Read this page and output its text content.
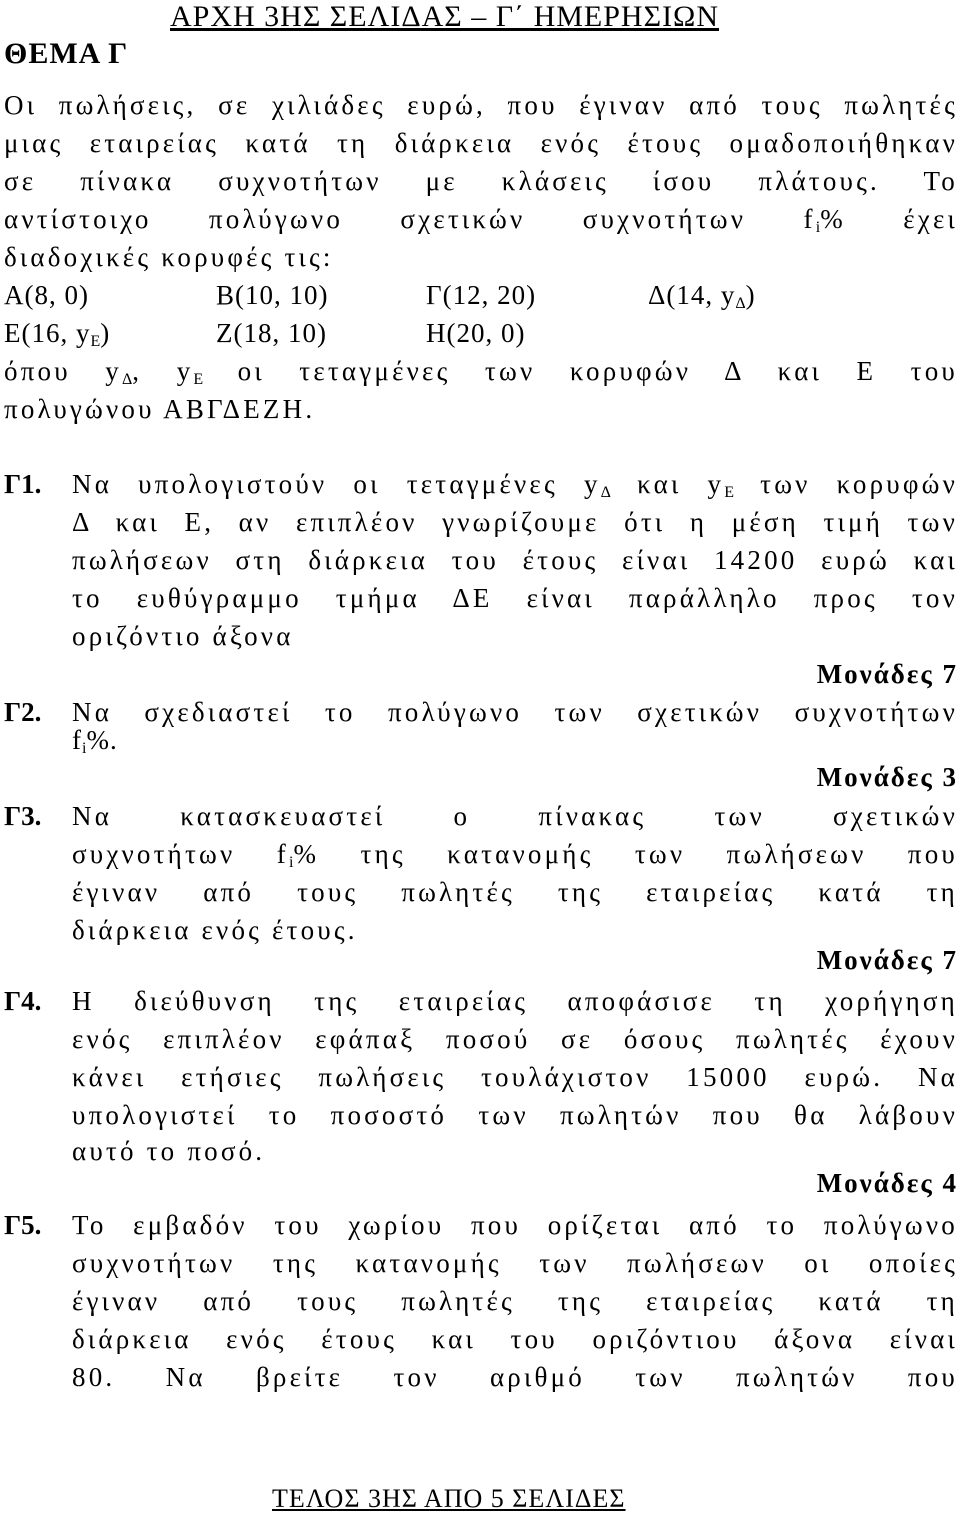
ΑΡΧΗ 3ΗΣ ΣΕΛΙΔΑΣ – Γ΄ ΗΜΕΡΗΣΙΩΝ
ΘΕΜΑ Γ
Οι πωλήσεις, σε χιλιάδες ευρώ, που έγιναν από τους πωλητές
μιας εταιρείας κατά τη διάρκεια ενός έτους ομαδοποιήθηκαν
σε πίνακα συχνοτήτων με κλάσεις ίσου πλάτους. Το
αντίστοιχο πολύγωνο σχετικών συχνοτήτων $f_i\%$ έχει
διαδοχικές κορυφές τις:
Α(8, 0)	Β(10, 10)	Γ(12, 20)	Δ(14, $y_\Delta$)
Ε(16, $y_E$)	Ζ(18, 10)	Η(20, 0)
όπου $y_\Delta$, $y_E$ οι τεταγμένες των κορυφών Δ και Ε του
πολυγώνου ΑΒΓΔΕΖΗ.
Γ1. Να υπολογιστούν οι τεταγμένες $y_\Delta$ και $y_E$ των κορυφών
Δ και Ε, αν επιπλέον γνωρίζουμε ότι η μέση τιμή των
πωλήσεων στη διάρκεια του έτους είναι 14200 ευρώ και
το ευθύγραμμο τμήμα ΔΕ είναι παράλληλο προς τον
οριζόντιο άξονα
Μονάδες 7
Γ2. Να σχεδιαστεί το πολύγωνο των σχετικών συχνοτήτων
$f_i\%$.
Μονάδες 3
Γ3. Να κατασκευαστεί ο πίνακας των σχετικών
συχνοτήτων $f_i\%$ της κατανομής των πωλήσεων που
έγιναν από τους πωλητές της εταιρείας κατά τη
διάρκεια ενός έτους.
Μονάδες 7
Γ4. Η διεύθυνση της εταιρείας αποφάσισε τη χορήγηση
ενός επιπλέον εφάπαξ ποσού σε όσους πωλητές έχουν
κάνει ετήσιες πωλήσεις τουλάχιστον 15000 ευρώ. Να
υπολογιστεί το ποσοστό των πωλητών που θα λάβουν
αυτό το ποσό.
Μονάδες 4
Γ5. Το εμβαδόν του χωρίου που ορίζεται από το πολύγωνο
συχνοτήτων της κατανομής των πωλήσεων οι οποίες
έγιναν από τους πωλητές της εταιρείας κατά τη
διάρκεια ενός έτους και του οριζόντιου άξονα είναι
80. Να βρείτε τον αριθμό των πωλητών που
ΤΕΛΟΣ 3ΗΣ ΑΠΟ 5 ΣΕΛΙΔΕΣ
